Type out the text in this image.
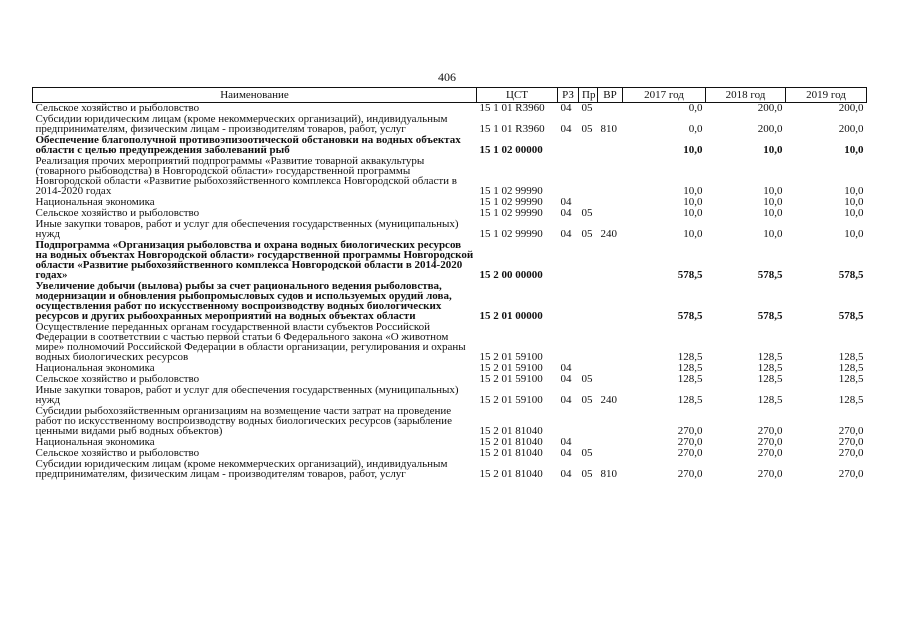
406
Наименование	ЦСТ	РЗ	Пр	ВР	2017 год	2018 год	2019 год
Сельское хозяйство и рыболовство	15 1 01 R3960	04	05		0,0	200,0	200,0
Субсидии юридическим лицам (кроме некоммерческих организаций), индивидуальным предпринимателям, физическим лицам - производителям товаров, работ, услуг	15 1 01 R3960	04	05	810	0,0	200,0	200,0
Обеспечение благополучной противоэпизоотической обстановки на водных объектах области с целью предупреждения заболеваний рыб	15 1 02 00000				10,0	10,0	10,0
Реализация прочих мероприятий подпрограммы «Развитие товарной аквакультуры (товарного рыбоводства) в Новгородской области» государственной программы Новгородской области «Развитие рыбохозяйственного комплекса Новгородской области в 2014-2020 годах	15 1 02 99990				10,0	10,0	10,0
Национальная экономика	15 1 02 99990	04			10,0	10,0	10,0
Сельское хозяйство и рыболовство	15 1 02 99990	04	05		10,0	10,0	10,0
Иные закупки товаров, работ и услуг для обеспечения государственных (муниципальных) нужд	15 1 02 99990	04	05	240	10,0	10,0	10,0
Подпрограмма «Организация рыболовства и охрана водных биологических ресурсов на водных объектах Новгородской области» государственной программы Новгородской области «Развитие рыбохозяйственного комплекса Новгородской области в 2014-2020 годах»	15 2 00 00000				578,5	578,5	578,5
Увеличение добычи (вылова) рыбы за счет рационального ведения рыболовства, модернизации и обновления рыбопромысловых судов и используемых орудий лова, осуществления работ по искусственному воспроизводству водных биологических ресурсов и других рыбоохранных мероприятий на водных объектах области	15 2 01 00000				578,5	578,5	578,5
Осуществление переданных органам государственной власти субъектов Российской Федерации в соответствии с частью первой статьи 6 Федерального закона «О животном мире» полномочий Российской Федерации в области организации, регулирования и охраны водных биологических ресурсов	15 2 01 59100				128,5	128,5	128,5
Национальная экономика	15 2 01 59100	04			128,5	128,5	128,5
Сельское хозяйство и рыболовство	15 2 01 59100	04	05		128,5	128,5	128,5
Иные закупки товаров, работ и услуг для обеспечения государственных (муниципальных) нужд	15 2 01 59100	04	05	240	128,5	128,5	128,5
Субсидии рыбохозяйственным организациям на возмещение части затрат на проведение работ по искусственному воспроизводству водных биологических ресурсов (зарыбление ценными видами рыб водных объектов)	15 2 01 81040				270,0	270,0	270,0
Национальная экономика	15 2 01 81040	04			270,0	270,0	270,0
Сельское хозяйство и рыболовство	15 2 01 81040	04	05		270,0	270,0	270,0
Субсидии юридическим лицам (кроме некоммерческих организаций), индивидуальным предпринимателям, физическим лицам - производителям товаров, работ, услуг	15 2 01 81040	04	05	810	270,0	270,0	270,0
